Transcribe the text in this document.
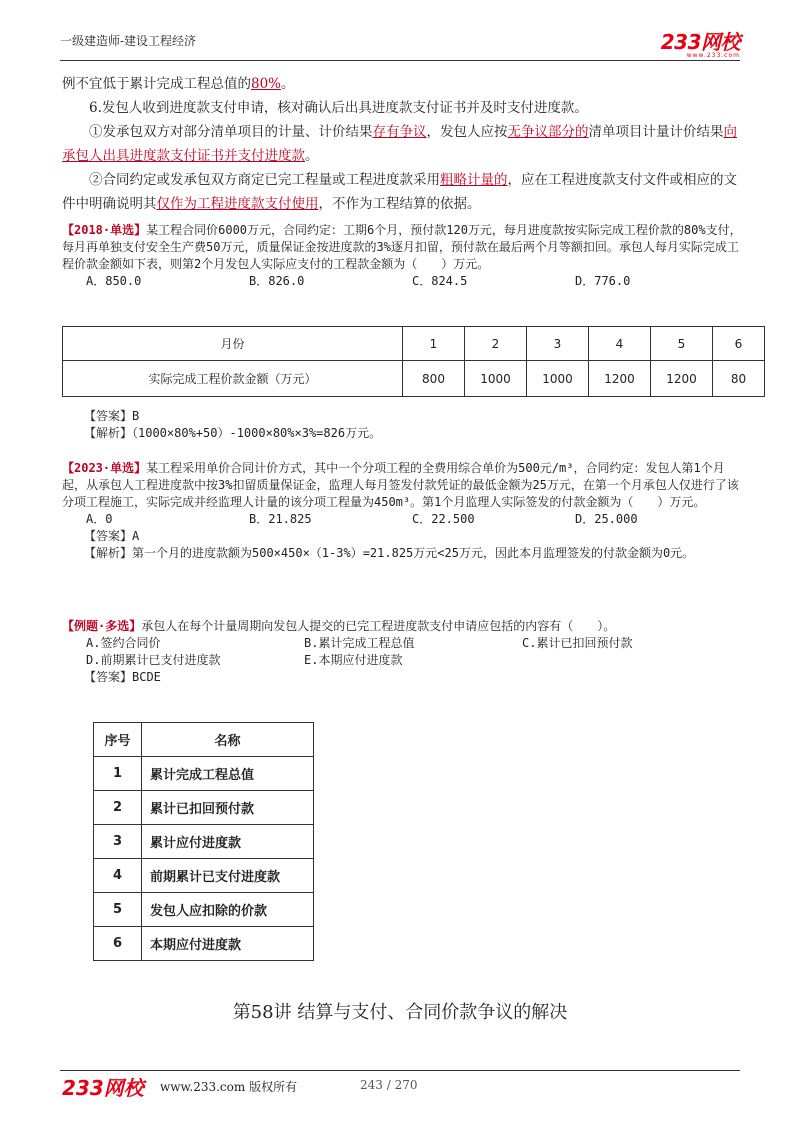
一级建造师-建设工程经济	233网校
www.233.com
例不宜低于累计完成工程总值的80%。
6.发包人收到进度款支付申请，核对确认后出具进度款支付证书并及时支付进度款。
①发承包双方对部分清单项目的计量、计价结果存有争议，发包人应按无争议部分的清单项目计量计价结果向承包人出具进度款支付证书并支付进度款。
②合同约定或发承包双方商定已完工程量或工程进度款采用粗略计量的，应在工程进度款支付文件或相应的文件中明确说明其仅作为工程进度款支付使用，不作为工程结算的依据。
【2018·单选】某工程合同价6000万元，合同约定：工期6个月，预付款120万元，每月进度款按实际完成工程价款的80%支付，每月再单独支付安全生产费50万元，质量保证金按进度款的3%逐月扣留，预付款在最后两个月等额扣回。承包人每月实际完成工程价款金额如下表，则第2个月发包人实际应支付的工程款金额为（　　）万元。
A．850.0	B．826.0	C．824.5	D．776.0
月份	1	2	3	4	5	6
实际完成工程价款金额（万元）	800	1000	1000	1200	1200	80
【答案】B
【解析】（1000×80%+50）-1000×80%×3%=826万元。
【2023·单选】某工程采用单价合同计价方式，其中一个分项工程的全费用综合单价为500元/m³，合同约定：发包人第1个月起，从承包人工程进度款中按3%扣留质量保证金，监理人每月签发付款凭证的最低金额为25万元，在第一个月承包人仅进行了该分项工程施工，实际完成并经监理人计量的该分项工程量为450m³。第1个月监理人实际签发的付款金额为（　　）万元。
A．0	B．21.825	C．22.500	D．25.000
【答案】A
【解析】第一个月的进度款额为500×450×（1-3%）=21.825万元<25万元，因此本月监理签发的付款金额为0元。
【例题·多选】承包人在每个计量周期向发包人提交的已完工程进度款支付申请应包括的内容有（　　）。
A.签约合同价	B.累计完成工程总值	C.累计已扣回预付款
D.前期累计已支付进度款	E.本期应付进度款
【答案】BCDE
序号	名称
1	累计完成工程总值
2	累计已扣回预付款
3	累计应付进度款
4	前期累计已支付进度款
5	发包人应扣除的价款
6	本期应付进度款
第58讲 结算与支付、合同价款争议的解决
233网校 www.233.com 版权所有	243 / 270
